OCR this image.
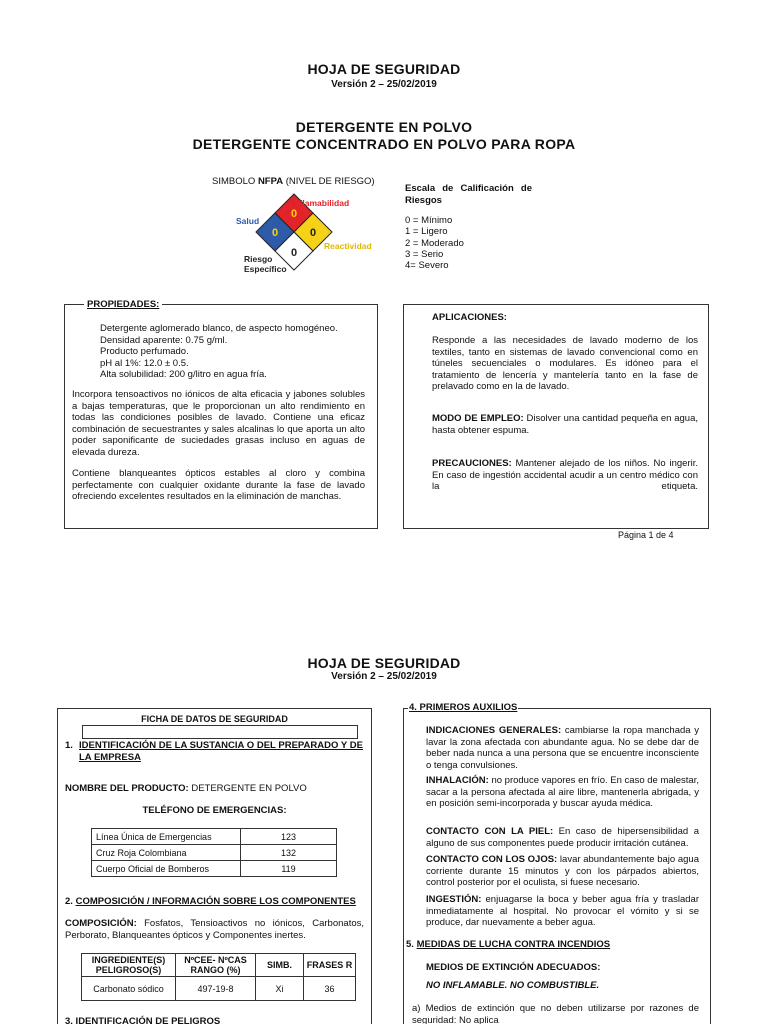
HOJA DE SEGURIDAD
Versión 2 – 25/02/2019
DETERGENTE EN POLVO
DETERGENTE CONCENTRADO EN POLVO PARA ROPA
SIMBOLO NFPA (NIVEL DE RIESGO)
0
0	0
0
Inflamabilidad
Salud
Reactividad
Riesgo Específico
Escala de Calificación de Riesgos
0 = Mínimo
1 = Ligero
2 = Moderado
3 = Serio
4= Severo
PROPIEDADES:
Detergente aglomerado blanco, de aspecto homogéneo.
Densidad aparente: 0.75 g/ml.
Producto perfumado.
pH al 1%: 12.0 ± 0.5.
Alta solubilidad: 200 g/litro en agua fría.
Incorpora tensoactivos no iónicos de alta eficacia y jabones solubles a bajas temperaturas, que le proporcionan un alto rendimiento en todas las condiciones posibles de lavado. Contiene una eficaz combinación de secuestrantes y sales alcalinas lo que aporta un alto poder saponificante de suciedades grasas incluso en aguas de elevada dureza.
Contiene blanqueantes ópticos estables al cloro y combina perfectamente con cualquier oxidante durante la fase de lavado ofreciendo excelentes resultados en la eliminación de manchas.
APLICACIONES:
Responde a las necesidades de lavado moderno de los textiles, tanto en sistemas de lavado convencional como en túneles secuenciales o modulares. Es idóneo para el tratamiento de lencería y mantelería tanto en la fase de prelavado como en la de lavado.
MODO DE EMPLEO: Disolver una cantidad pequeña en agua, hasta obtener espuma.
PRECAUCIONES: Mantener alejado de los niños. No ingerir. En caso de ingestión accidental acudir a un centro médico con la etiqueta.
Página 1 de 4
HOJA DE SEGURIDAD
Versión 2 – 25/02/2019
FICHA DE DATOS DE SEGURIDAD
1. IDENTIFICACIÓN DE LA SUSTANCIA O DEL PREPARADO Y DE LA EMPRESA
NOMBRE DEL PRODUCTO: DETERGENTE EN POLVO
TELÉFONO DE EMERGENCIAS:
Línea Única de Emergencias	123
Cruz Roja Colombiana	132
Cuerpo Oficial de Bomberos	119
2. COMPOSICIÓN / INFORMACIÓN SOBRE LOS COMPONENTES
COMPOSICIÓN: Fosfatos, Tensioactivos no iónicos, Carbonatos, Perborato, Blanqueantes ópticos y Componentes inertes.
INGREDIENTE(S) PELIGROSO(S)	NºCEE- NºCAS RANGO (%)	SIMB.	FRASES R
Carbonato sódico	497-19-8	Xi	36
3. IDENTIFICACIÓN DE PELIGROS
4. PRIMEROS AUXILIOS
INDICACIONES GENERALES: cambiarse la ropa manchada y lavar la zona afectada con abundante agua. No se debe dar de beber nada nunca a una persona que se encuentre inconsciente o tenga convulsiones.
INHALACIÓN: no produce vapores en frío. En caso de malestar, sacar a la persona afectada al aire libre, mantenerla abrigada, y en posición semi-incorporada y buscar ayuda médica.
CONTACTO CON LA PIEL: En caso de hipersensibilidad a alguno de sus componentes puede producir irritación cutánea.
CONTACTO CON LOS OJOS: lavar abundantemente bajo agua corriente durante 15 minutos y con los párpados abiertos, control posterior por el oculista, si fuese necesario.
INGESTIÓN: enjuagarse la boca y beber agua fría y trasladar inmediatamente al hospital. No provocar el vómito y si se produce, dar nuevamente a beber agua.
5. MEDIDAS DE LUCHA CONTRA INCENDIOS
MEDIOS DE EXTINCIÓN ADECUADOS:
NO INFLAMABLE. NO COMBUSTIBLE.
a) Medios de extinción que no deben utilizarse por razones de seguridad: No aplica
